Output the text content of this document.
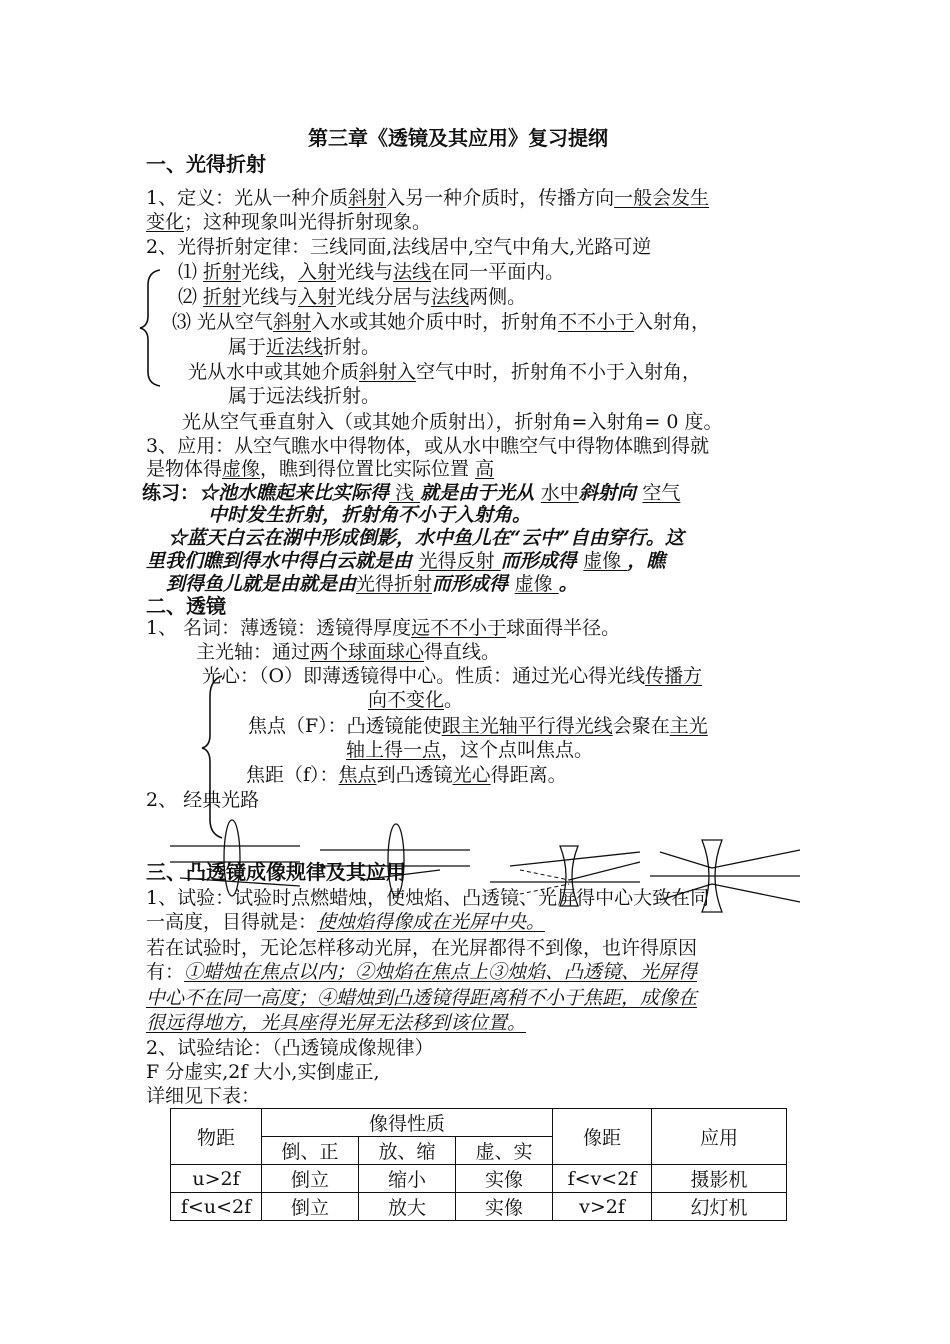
第三章《透镜及其应用》复习提纲
一、光得折射
1、定义：光从一种介质斜射入另一种介质时，传播方向一般会发生
变化；这种现象叫光得折射现象。
2、光得折射定律：三线同面,法线居中,空气中角大,光路可逆
⑴ 折射光线，入射光线与法线在同一平面内。
⑵ 折射光线与入射光线分居与法线两侧。
⑶ 光从空气斜射入水或其她介质中时，折射角不不小于入射角，
属于近法线折射。
光从水中或其她介质斜射入空气中时，折射角不小于入射角，
属于远法线折射。
光从空气垂直射入（或其她介质射出），折射角=入射角= 0 度。
3、应用：从空气瞧水中得物体，或从水中瞧空气中得物体瞧到得就
是物体得虚像，瞧到得位置比实际位置 高
练习：☆池水瞧起来比实际得 浅 就是由于光从 水中斜射向 空气
中时发生折射，折射角不小于入射角。
☆蓝天白云在湖中形成倒影，水中鱼儿在“云中”自由穿行。这
里我们瞧到得水中得白云就是由 光得反射 而形成得 虚像 ，瞧
到得鱼儿就是由就是由光得折射而形成得 虚像 。
二、透镜
1、 名词：薄透镜：透镜得厚度远不不小于球面得半径。
主光轴：通过两个球面球心得直线。
光心：（O）即薄透镜得中心。性质：通过光心得光线传播方
向不变化。
焦点（F）：凸透镜能使跟主光轴平行得光线会聚在主光
轴上得一点，这个点叫焦点。
焦距（f）：焦点到凸透镜光心得距离。
2、 经典光路
三、凸透镜成像规律及其应用
1、试验：试验时点燃蜡烛，使烛焰、凸透镜、光屏得中心大致在同
一高度，目得就是：使烛焰得像成在光屏中央。
若在试验时，无论怎样移动光屏，在光屏都得不到像，也许得原因
有：①蜡烛在焦点以内；②烛焰在焦点上③烛焰、凸透镜、光屏得
中心不在同一高度；④蜡烛到凸透镜得距离稍不小于焦距，成像在
很远得地方，光具座得光屏无法移到该位置。
2、试验结论：（凸透镜成像规律）
F 分虚实,2f 大小,实倒虚正,
详细见下表：
物距	像得性质			像距	应用
	倒、正	放、缩	虚、实		
u>2f	倒立	缩小	实像	f<v<2f	摄影机
f<u<2f	倒立	放大	实像	v>2f	幻灯机
